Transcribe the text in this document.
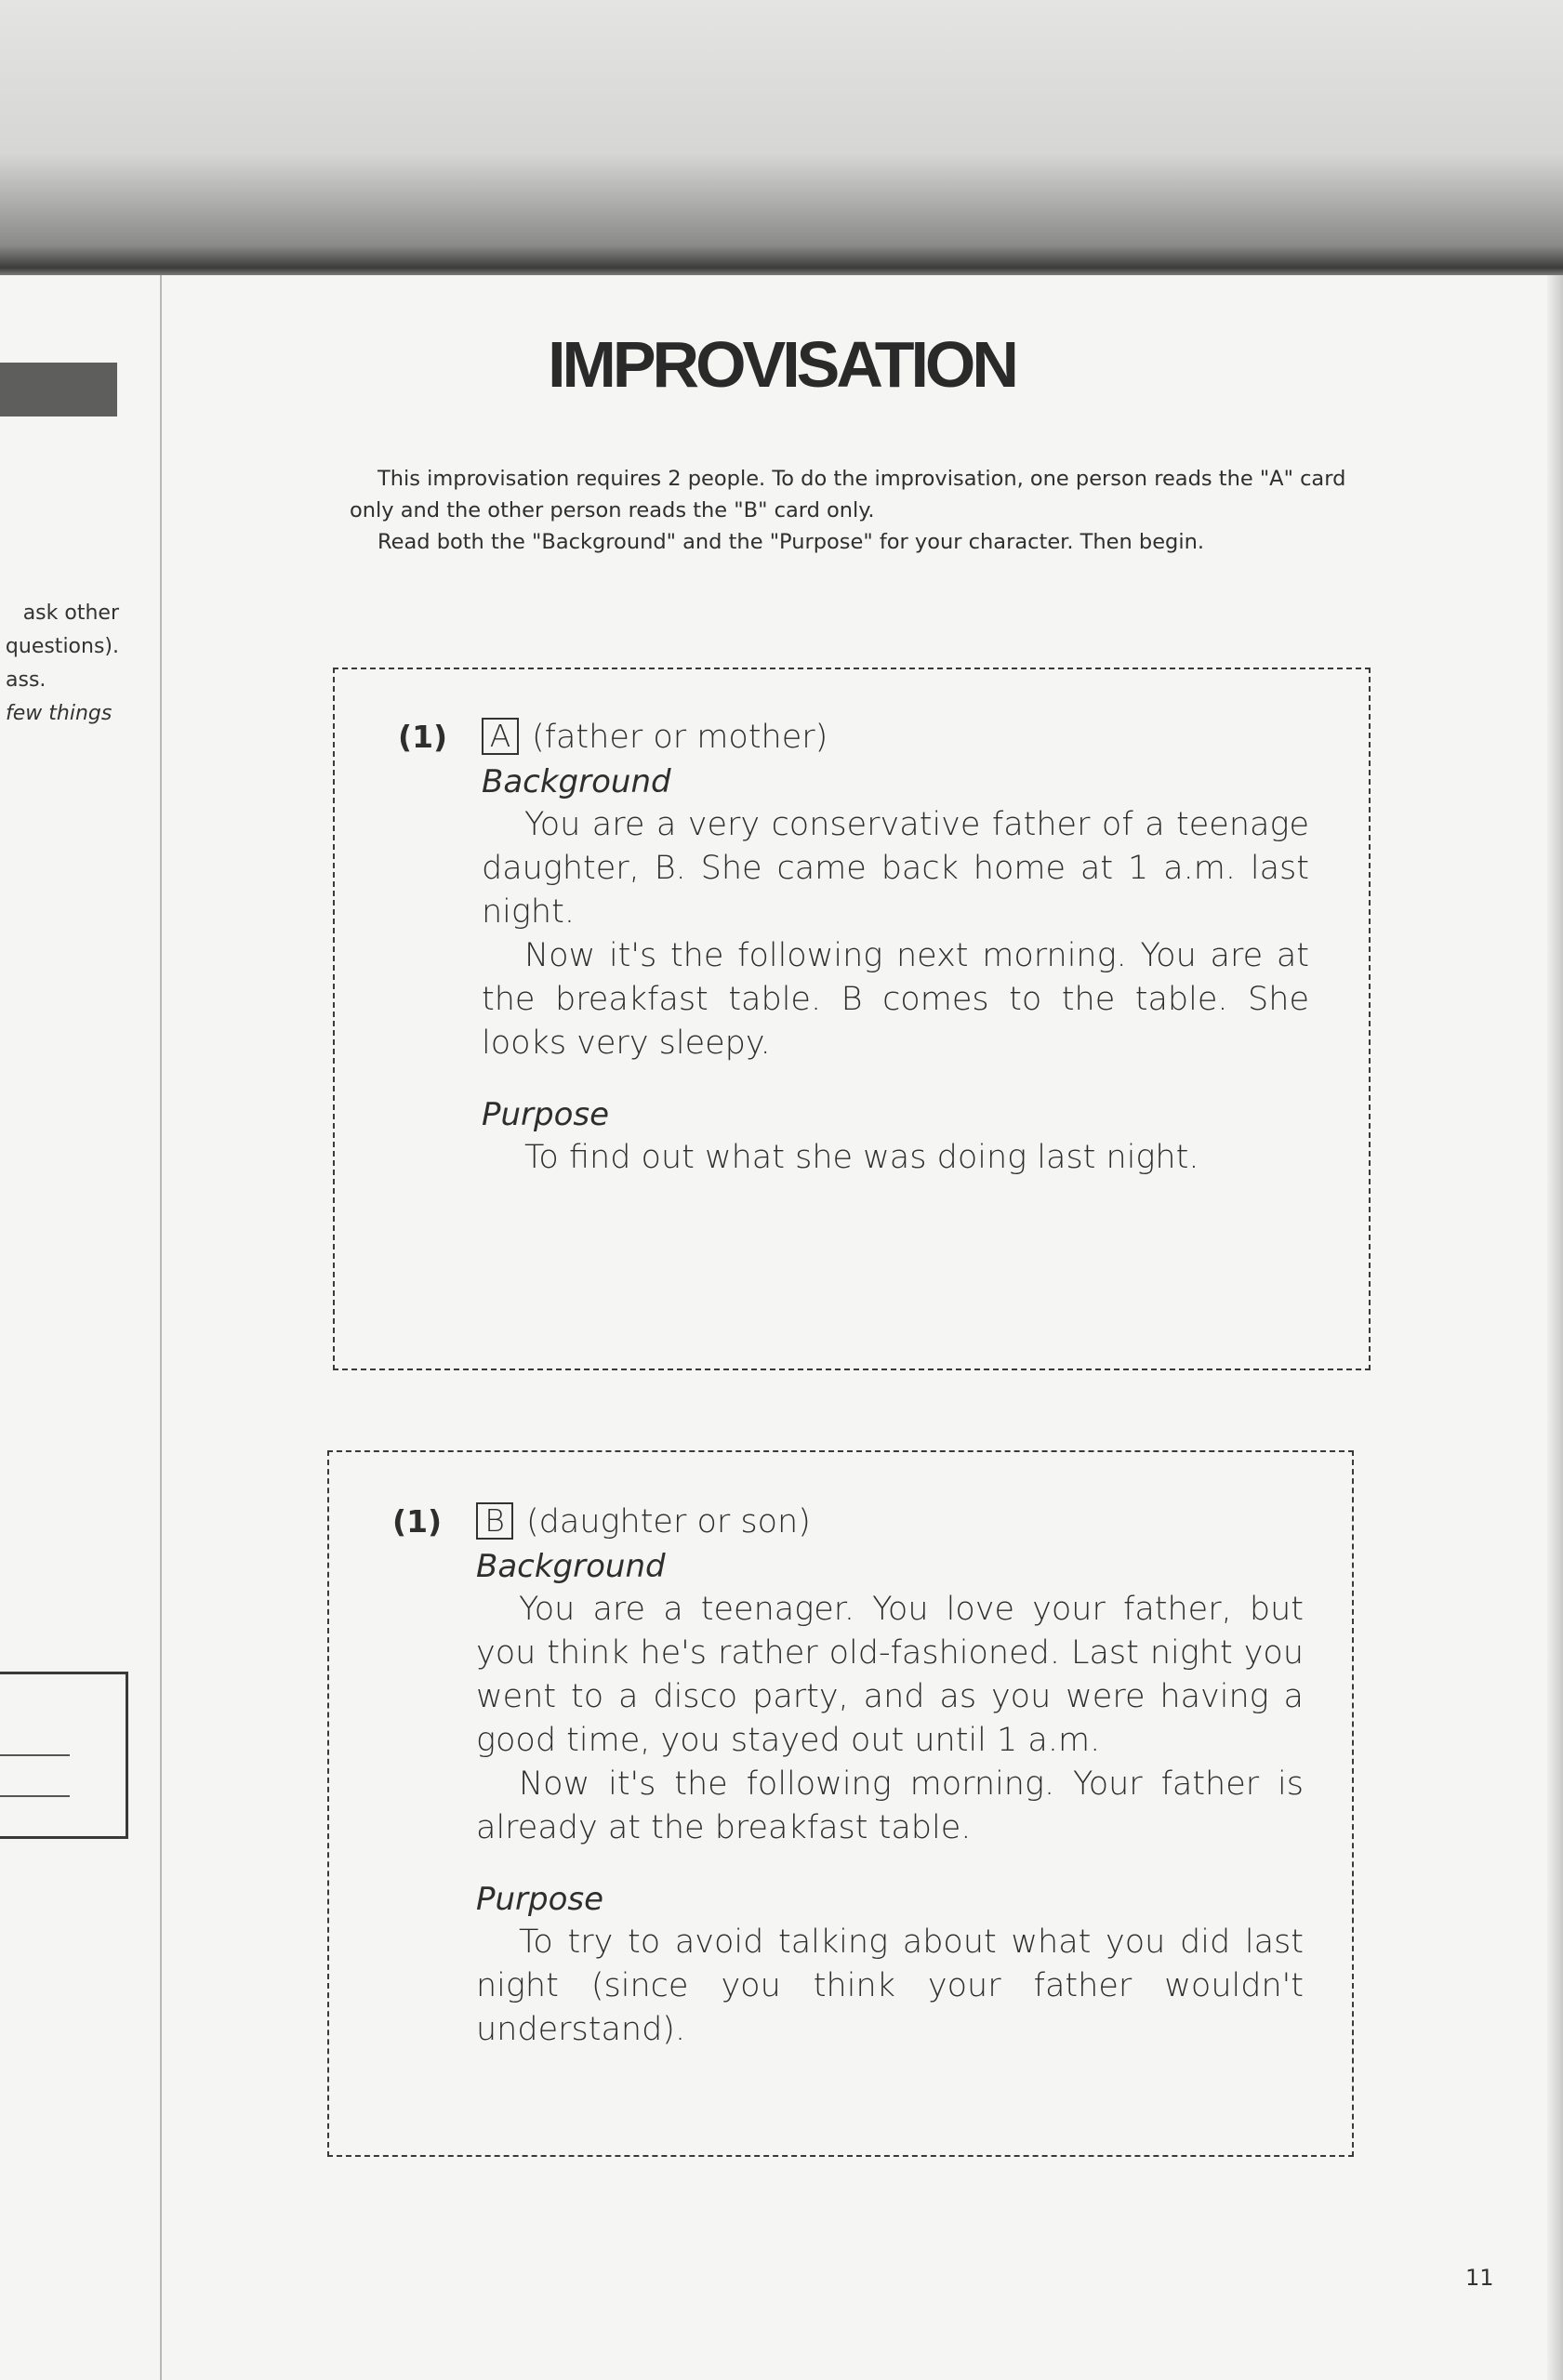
ask other
questions).
ass.
few things
IMPROVISATION

This improvisation requires 2 people. To do the improvisation, one person reads the "A" card only and the other person reads the "B" card only.

Read both the "Background" and the "Purpose" for your character. Then begin.

(1) A (father or mother)
Background

You are a very conservative father of a teenage daughter, B. She came back home at 1 a.m. last night.

Now it's the following next morning. You are at the breakfast table. B comes to the table. She looks very sleepy.

Purpose

To find out what she was doing last night.

(1) B (daughter or son)
Background

You are a teenager. You love your father, but you think he's rather old-fashioned. Last night you went to a disco party, and as you were having a good time, you stayed out until 1 a.m.

Now it's the following morning. Your father is already at the breakfast table.

Purpose

To try to avoid talking about what you did last night (since you think your father wouldn't understand).

11
